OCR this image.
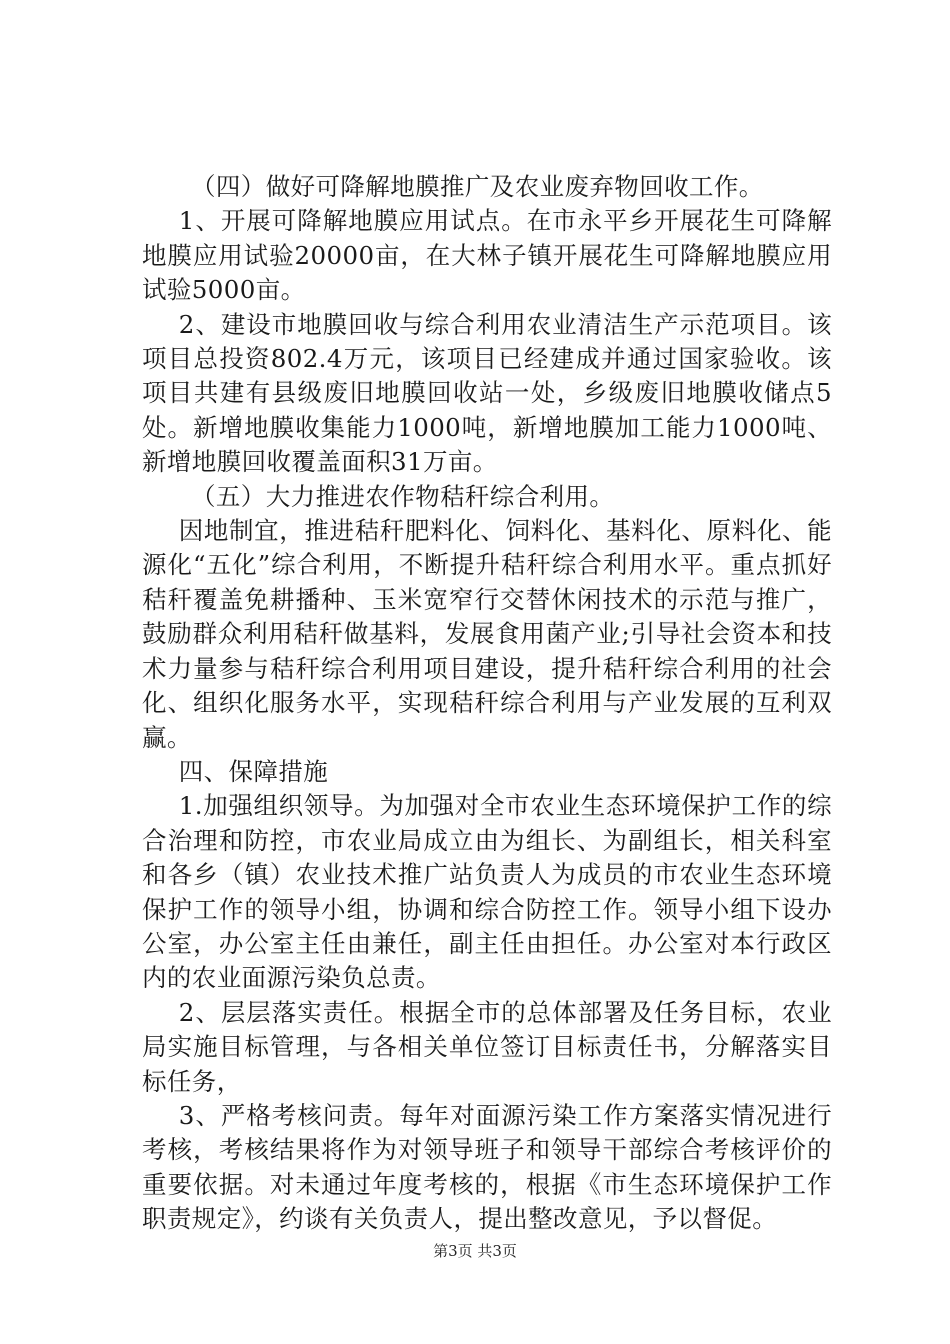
（四）做好可降解地膜推广及农业废弃物回收工作。

1、开展可降解地膜应用试点。在市永平乡开展花生可降解地膜应用试验20000亩，在大林子镇开展花生可降解地膜应用试验5000亩。

2、建设市地膜回收与综合利用农业清洁生产示范项目。该项目总投资802.4万元，该项目已经建成并通过国家验收。该项目共建有县级废旧地膜回收站一处，乡级废旧地膜收储点5处。新增地膜收集能力1000吨，新增地膜加工能力1000吨、新增地膜回收覆盖面积31万亩。

（五）大力推进农作物秸秆综合利用。

因地制宜，推进秸秆肥料化、饲料化、基料化、原料化、能源化“五化”综合利用，不断提升秸秆综合利用水平。重点抓好秸秆覆盖免耕播种、玉米宽窄行交替休闲技术的示范与推广，鼓励群众利用秸秆做基料，发展食用菌产业;引导社会资本和技术力量参与秸秆综合利用项目建设，提升秸秆综合利用的社会化、组织化服务水平，实现秸秆综合利用与产业发展的互利双赢。

四、保障措施

1.加强组织领导。为加强对全市农业生态环境保护工作的综合治理和防控，市农业局成立由为组长、为副组长，相关科室和各乡（镇）农业技术推广站负责人为成员的市农业生态环境保护工作的领导小组，协调和综合防控工作。领导小组下设办公室，办公室主任由兼任，副主任由担任。办公室对本行政区内的农业面源污染负总责。

2、层层落实责任。根据全市的总体部署及任务目标，农业局实施目标管理，与各相关单位签订目标责任书，分解落实目标任务，

3、严格考核问责。每年对面源污染工作方案落实情况进行考核，考核结果将作为对领导班子和领导干部综合考核评价的重要依据。对未通过年度考核的，根据《市生态环境保护工作职责规定》，约谈有关负责人，提出整改意见，予以督促。

第3页 共3页
